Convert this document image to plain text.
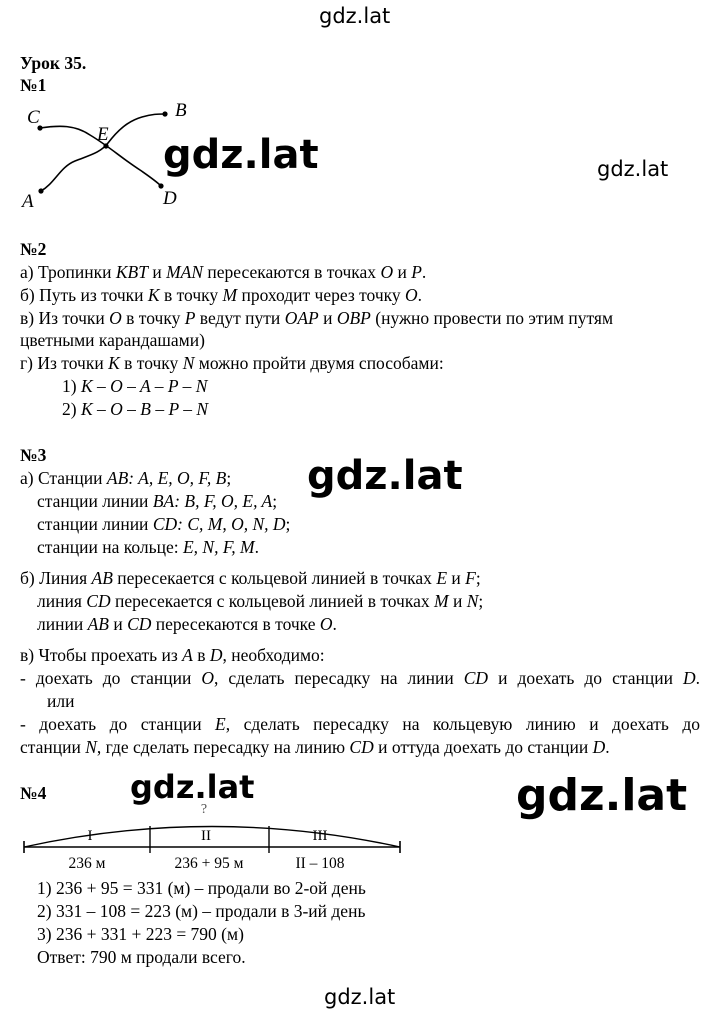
gdz.lat
gdz.lat
gdz.lat
gdz.lat
gdz.lat	gdz.lat
gdz.lat
Урок 35.
№1
C	B
E
A	D
№2
а) Тропинки KBT и MAN пересекаются в точках O и P.
б) Путь из точки K в точку M проходит через точку O.
в) Из точки O в точку P ведут пути OAP и OBP (нужно провести по этим путям
цветными карандашами)
г) Из точки K в точку N можно пройти двумя способами:
1) K – O – A – P – N
2) K – O – B – P – N
№3
а) Станции AB: A, E, O, F, B;
станции линии BA: B, F, O, E, A;
станции линии CD: C, M, O, N, D;
станции на кольце: E, N, F, M.
б) Линия AB пересекается с кольцевой линией в точках E и F;
линия CD пересекается с кольцевой линией в точках M и N;
линии AB и CD пересекаются в точке O.
в) Чтобы проехать из A в D, необходимо:
- доехать до станции O, сделать пересадку на линии CD и доехать до станции D.
или
- доехать до станции E, сделать пересадку на кольцевую линию и доехать до
станции N, где сделать пересадку на линию CD и оттуда доехать до станции D.
№4
?
I	II	III
236 м	236 + 95 м	II – 108
1) 236 + 95 = 331 (м) – продали во 2-ой день
2) 331 – 108 = 223 (м) – продали в 3-ий день
3) 236 + 331 + 223 = 790 (м)
Ответ: 790 м продали всего.
